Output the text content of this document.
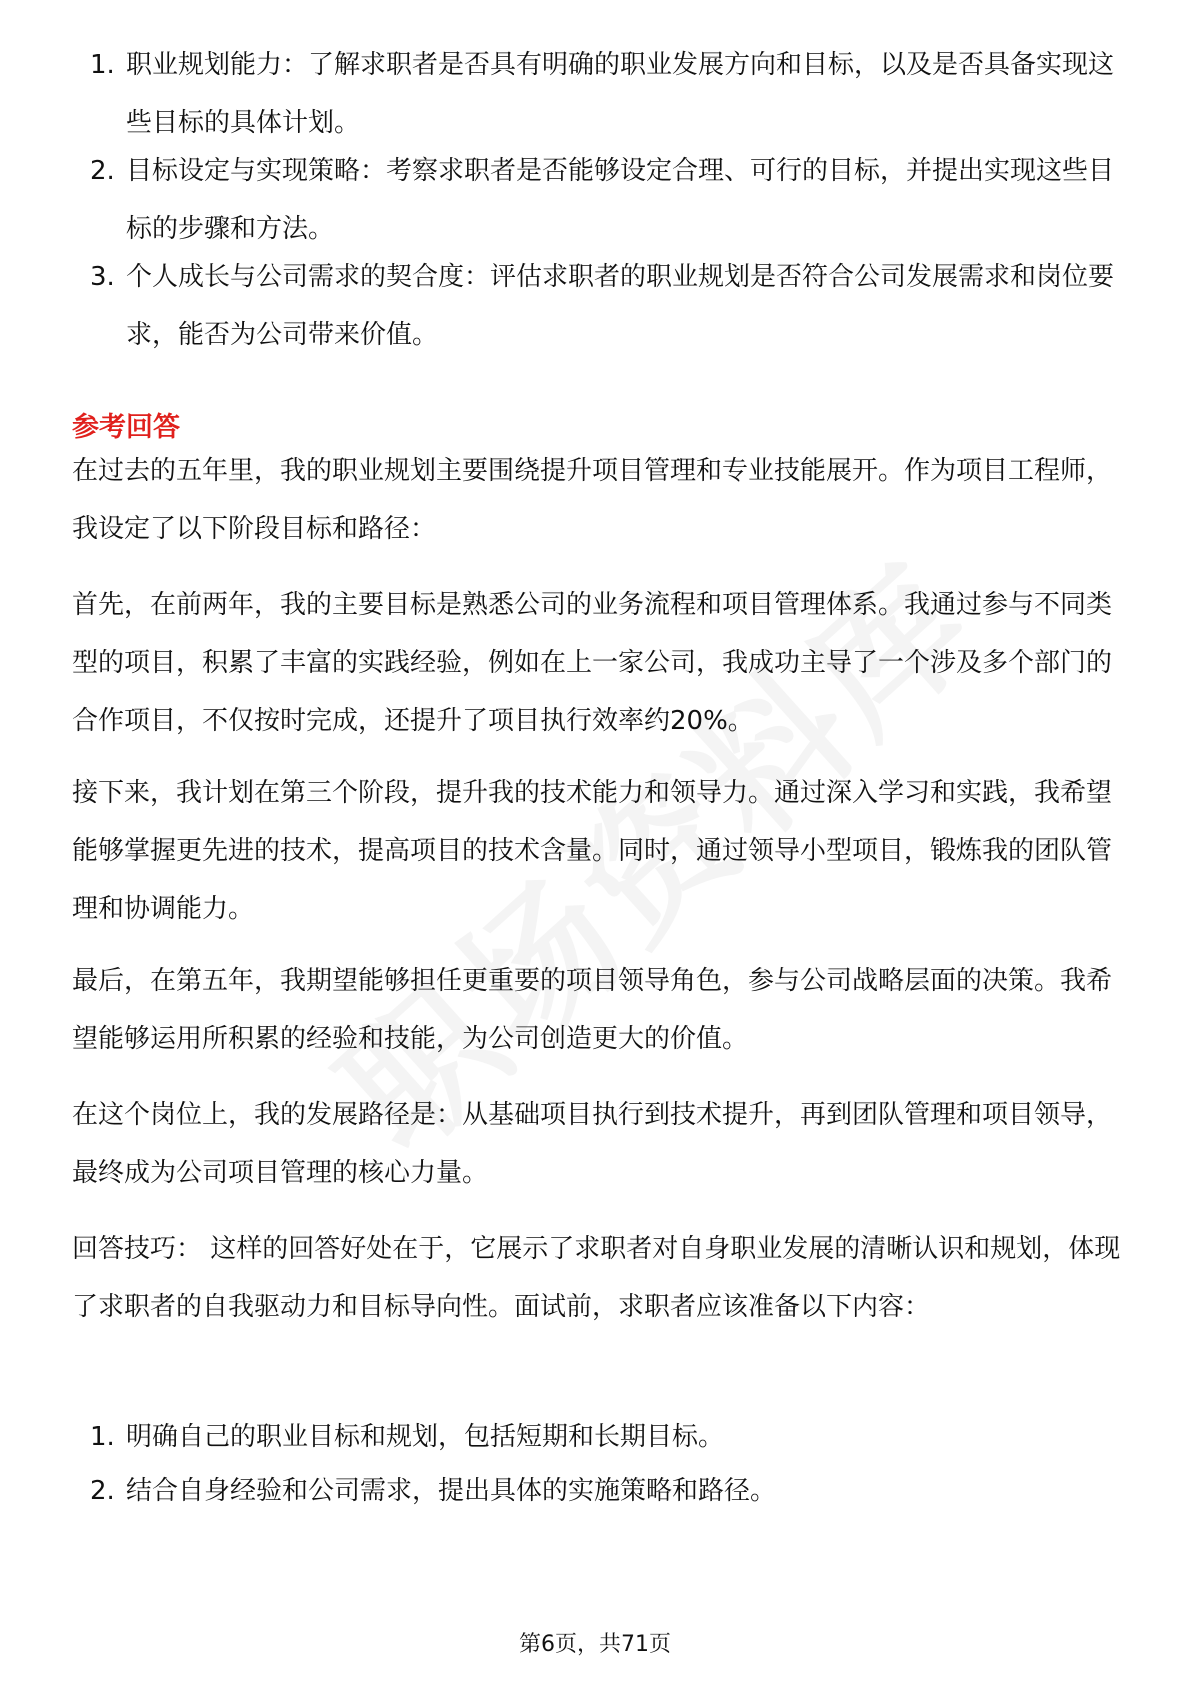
1. 职业规划能力：了解求职者是否具有明确的职业发展方向和目标，以及是否具备实现这些目标的具体计划。
2. 目标设定与实现策略：考察求职者是否能够设定合理、可行的目标，并提出实现这些目标的步骤和方法。
3. 个人成长与公司需求的契合度：评估求职者的职业规划是否符合公司发展需求和岗位要求，能否为公司带来价值。
参考回答

在过去的五年里，我的职业规划主要围绕提升项目管理和专业技能展开。作为项目工程师，我设定了以下阶段目标和路径：

首先，在前两年，我的主要目标是熟悉公司的业务流程和项目管理体系。我通过参与不同类型的项目，积累了丰富的实践经验，例如在上一家公司，我成功主导了一个涉及多个部门的合作项目，不仅按时完成，还提升了项目执行效率约20%。

接下来，我计划在第三个阶段，提升我的技术能力和领导力。通过深入学习和实践，我希望能够掌握更先进的技术，提高项目的技术含量。同时，通过领导小型项目，锻炼我的团队管理和协调能力。

最后，在第五年，我期望能够担任更重要的项目领导角色，参与公司战略层面的决策。我希望能够运用所积累的经验和技能，为公司创造更大的价值。

在这个岗位上，我的发展路径是：从基础项目执行到技术提升，再到团队管理和项目领导，最终成为公司项目管理的核心力量。

回答技巧： 这样的回答好处在于，它展示了求职者对自身职业发展的清晰认识和规划，体现了求职者的自我驱动力和目标导向性。面试前，求职者应该准备以下内容：

1. 明确自己的职业目标和规划，包括短期和长期目标。
2. 结合自身经验和公司需求，提出具体的实施策略和路径。
第6页，共71页
